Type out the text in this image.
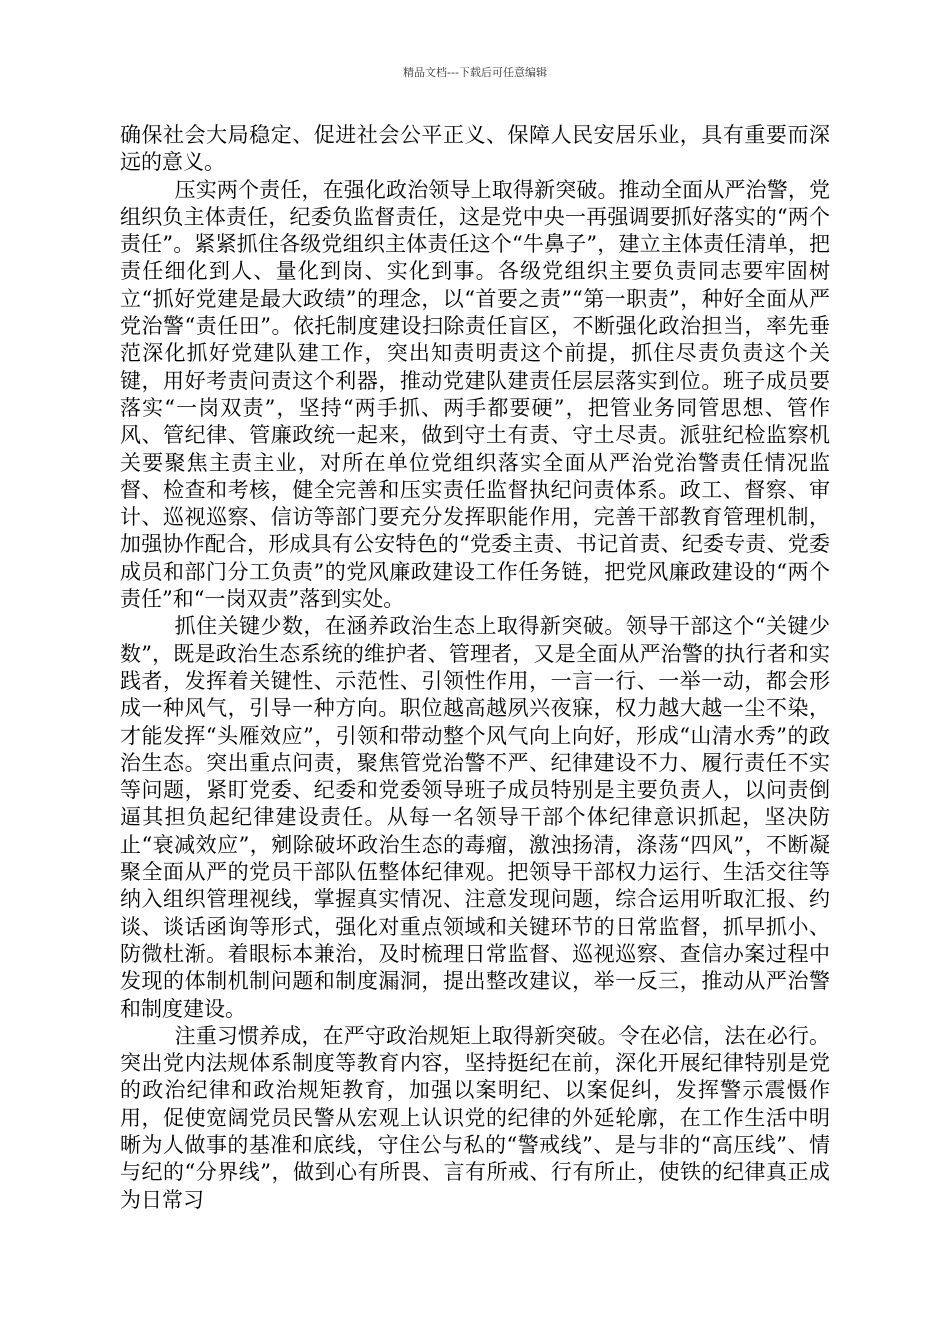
精品文档---下载后可任意编辑

确保社会大局稳定、促进社会公平正义、保障人民安居乐业，具有重要而深远的意义。

压实两个责任，在强化政治领导上取得新突破。推动全面从严治警，党组织负主体责任，纪委负监督责任，这是党中央一再强调要抓好落实的“两个责任”。紧紧抓住各级党组织主体责任这个“牛鼻子”，建立主体责任清单，把责任细化到人、量化到岗、实化到事。各级党组织主要负责同志要牢固树立“抓好党建是最大政绩”的理念，以“首要之责”“第一职责”，种好全面从严党治警“责任田”。依托制度建设扫除责任盲区，不断强化政治担当，率先垂范深化抓好党建队建工作，突出知责明责这个前提，抓住尽责负责这个关键，用好考责问责这个利器，推动党建队建责任层层落实到位。班子成员要落实“一岗双责”，坚持“两手抓、两手都要硬”，把管业务同管思想、管作风、管纪律、管廉政统一起来，做到守土有责、守土尽责。派驻纪检监察机关要聚焦主责主业，对所在单位党组织落实全面从严治党治警责任情况监督、检查和考核，健全完善和压实责任监督执纪问责体系。政工、督察、审计、巡视巡察、信访等部门要充分发挥职能作用，完善干部教育管理机制，加强协作配合，形成具有公安特色的“党委主责、书记首责、纪委专责、党委成员和部门分工负责”的党风廉政建设工作任务链，把党风廉政建设的“两个责任”和“一岗双责”落到实处。

抓住关键少数，在涵养政治生态上取得新突破。领导干部这个“关键少数”，既是政治生态系统的维护者、管理者，又是全面从严治警的执行者和实践者，发挥着关键性、示范性、引领性作用，一言一行、一举一动，都会形成一种风气，引导一种方向。职位越高越夙兴夜寐，权力越大越一尘不染，才能发挥“头雁效应”，引领和带动整个风气向上向好，形成“山清水秀”的政治生态。突出重点问责，聚焦管党治警不严、纪律建设不力、履行责任不实等问题，紧盯党委、纪委和党委领导班子成员特别是主要负责人，以问责倒逼其担负起纪律建设责任。从每一名领导干部个体纪律意识抓起，坚决防止“衰减效应”，剜除破坏政治生态的毒瘤，激浊扬清，涤荡“四风”，不断凝聚全面从严的党员干部队伍整体纪律观。把领导干部权力运行、生活交往等纳入组织管理视线，掌握真实情况、注意发现问题，综合运用听取汇报、约谈、谈话函询等形式，强化对重点领域和关键环节的日常监督，抓早抓小、防微杜渐。着眼标本兼治，及时梳理日常监督、巡视巡察、查信办案过程中发现的体制机制问题和制度漏洞，提出整改建议，举一反三，推动从严治警和制度建设。

注重习惯养成，在严守政治规矩上取得新突破。令在必信，法在必行。突出党内法规体系制度等教育内容，坚持挺纪在前，深化开展纪律特别是党的政治纪律和政治规矩教育，加强以案明纪、以案促纠，发挥警示震慑作用，促使宽阔党员民警从宏观上认识党的纪律的外延轮廓，在工作生活中明晰为人做事的基准和底线，守住公与私的“警戒线”、是与非的“高压线”、情与纪的“分界线”，做到心有所畏、言有所戒、行有所止，使铁的纪律真正成为日常习
